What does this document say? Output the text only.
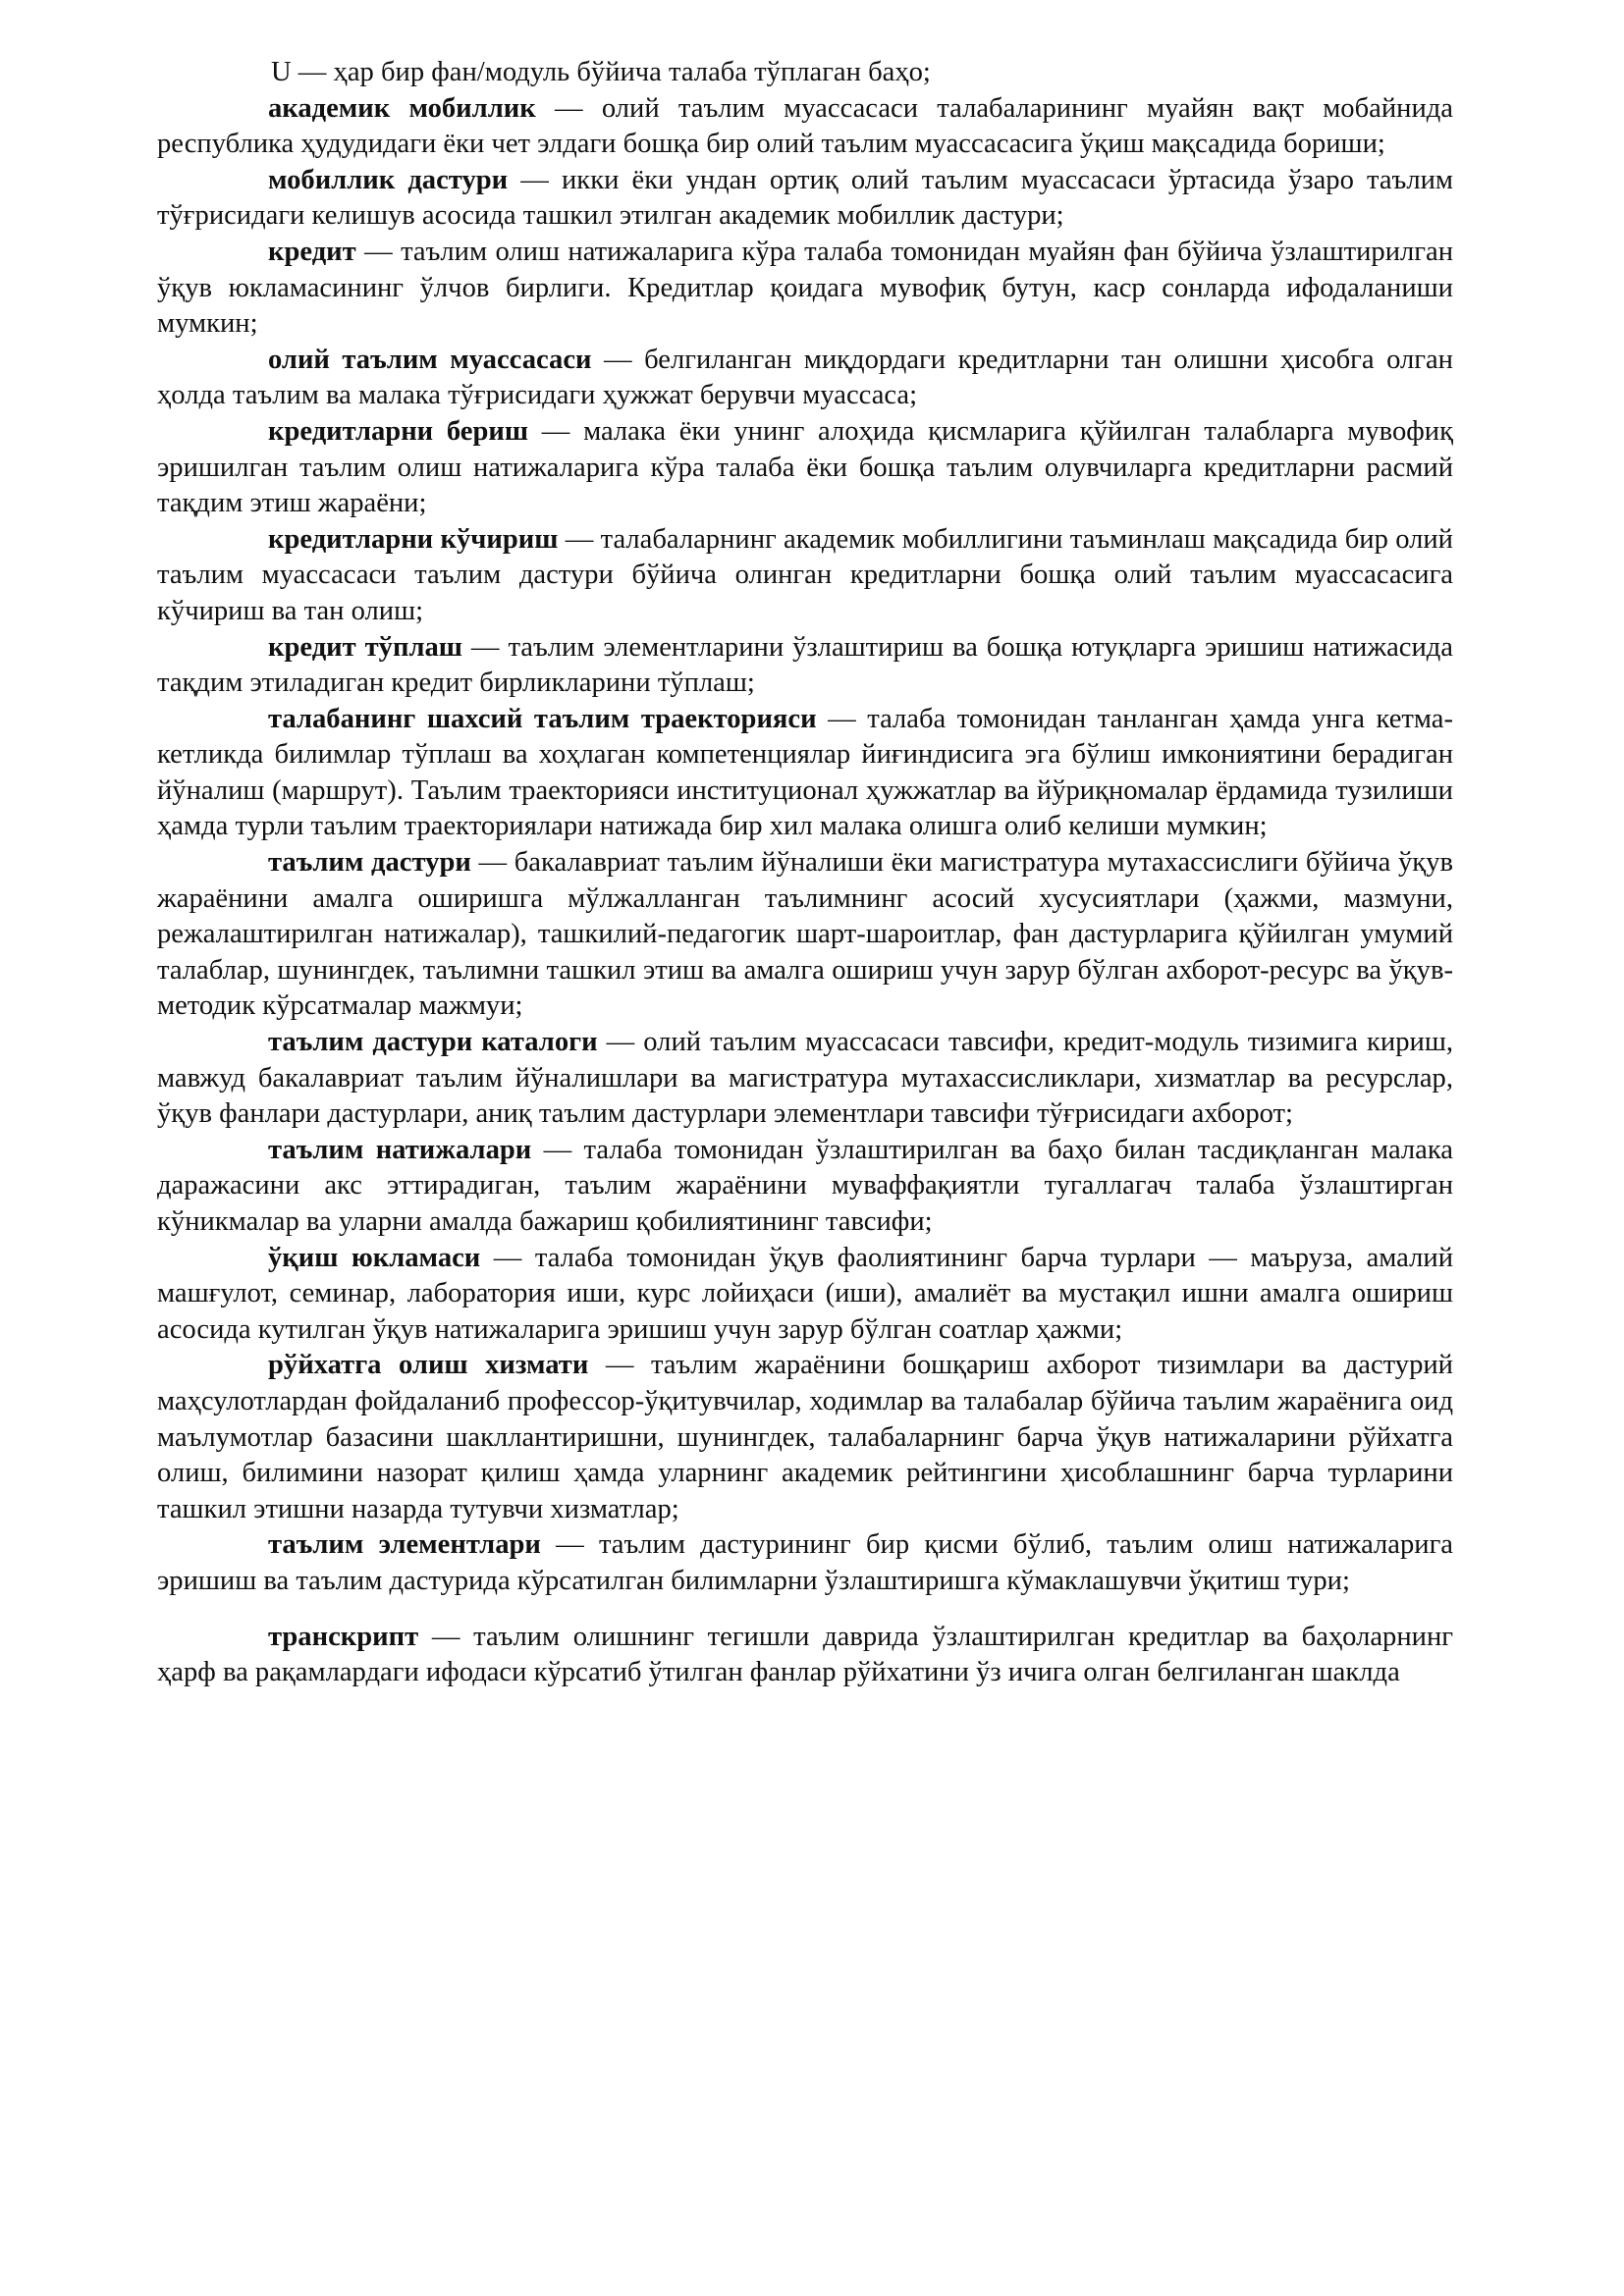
U — ҳар бир фан/модуль бўйича талаба тўплаган баҳо;

академик мобиллик — олий таълим муассасаси талабаларининг муайян вақт мобайнида республика ҳудудидаги ёки чет элдаги бошқа бир олий таълим муассасасига ўқиш мақсадида бориши;

мобиллик дастури — икки ёки ундан ортиқ олий таълим муассасаси ўртасида ўзаро таълим тўғрисидаги келишув асосида ташкил этилган академик мобиллик дастури;

кредит — таълим олиш натижаларига кўра талаба томонидан муайян фан бўйича ўзлаштирилган ўқув юкламасининг ўлчов бирлиги. Кредитлар қоидага мувофиқ бутун, каср сонларда ифодаланиши мумкин;

олий таълим муассасаси — белгиланган миқдордаги кредитларни тан олишни ҳисобга олган ҳолда таълим ва малака тўғрисидаги ҳужжат берувчи муассаса;

кредитларни бериш — малака ёки унинг алоҳида қисмларига қўйилган талабларга мувофиқ эришилган таълим олиш натижаларига кўра талаба ёки бошқа таълим олувчиларга кредитларни расмий тақдим этиш жараёни;

кредитларни кўчириш — талабаларнинг академик мобиллигини таъминлаш мақсадида бир олий таълим муассасаси таълим дастури бўйича олинган кредитларни бошқа олий таълим муассасасига кўчириш ва тан олиш;

кредит тўплаш — таълим элементларини ўзлаштириш ва бошқа ютуқларга эришиш натижасида тақдим этиладиган кредит бирликларини тўплаш;

талабанинг шахсий таълим траекторияси — талаба томонидан танланган ҳамда унга кетма-кетликда билимлар тўплаш ва хоҳлаган компетенциялар йиғиндисига эга бўлиш имкониятини берадиган йўналиш (маршрут). Таълим траекторияси институционал ҳужжатлар ва йўриқномалар ёрдамида тузилиши ҳамда турли таълим траекториялари натижада бир хил малака олишга олиб келиши мумкин;

таълим дастури — бакалавриат таълим йўналиши ёки магистратура мутахассислиги бўйича ўқув жараёнини амалга оширишга мўлжалланган таълимнинг асосий хусусиятлари (ҳажми, мазмуни, режалаштирилган натижалар), ташкилий-педагогик шарт-шароитлар, фан дастурларига қўйилган умумий талаблар, шунингдек, таълимни ташкил этиш ва амалга ошириш учун зарур бўлган ахборот-ресурс ва ўқув-методик кўрсатмалар мажмуи;

таълим дастури каталоги — олий таълим муассасаси тавсифи, кредит-модуль тизимига кириш, мавжуд бакалавриат таълим йўналишлари ва магистратура мутахассисликлари, хизматлар ва ресурслар, ўқув фанлари дастурлари, аниқ таълим дастурлари элементлари тавсифи тўғрисидаги ахборот;

таълим натижалари — талаба томонидан ўзлаштирилган ва баҳо билан тасдиқланган малака даражасини акс эттирадиган, таълим жараёнини муваффақиятли тугаллагач талаба ўзлаштирган кўникмалар ва уларни амалда бажариш қобилиятининг тавсифи;

ўқиш юкламаси — талаба томонидан ўқув фаолиятининг барча турлари — маъруза, амалий машғулот, семинар, лаборатория иши, курс лойиҳаси (иши), амалиёт ва мустақил ишни амалга ошириш асосида кутилган ўқув натижаларига эришиш учун зарур бўлган соатлар ҳажми;

рўйхатга олиш хизмати — таълим жараёнини бошқариш ахборот тизимлари ва дастурий маҳсулотлардан фойдаланиб профессор-ўқитувчилар, ходимлар ва талабалар бўйича таълим жараёнига оид маълумотлар базасини шакллантиришни, шунингдек, талабаларнинг барча ўқув натижаларини рўйхатга олиш, билимини назорат қилиш ҳамда уларнинг академик рейтингини ҳисоблашнинг барча турларини ташкил этишни назарда тутувчи хизматлар;

таълим элементлари — таълим дастурининг бир қисми бўлиб, таълим олиш натижаларига эришиш ва таълим дастурида кўрсатилган билимларни ўзлаштиришга кўмаклашувчи ўқитиш тури;

транскрипт — таълим олишнинг тегишли даврида ўзлаштирилган кредитлар ва баҳоларнинг ҳарф ва рақамлардаги ифодаси кўрсатиб ўтилган фанлар рўйхатини ўз ичига олган белгиланган шаклда
